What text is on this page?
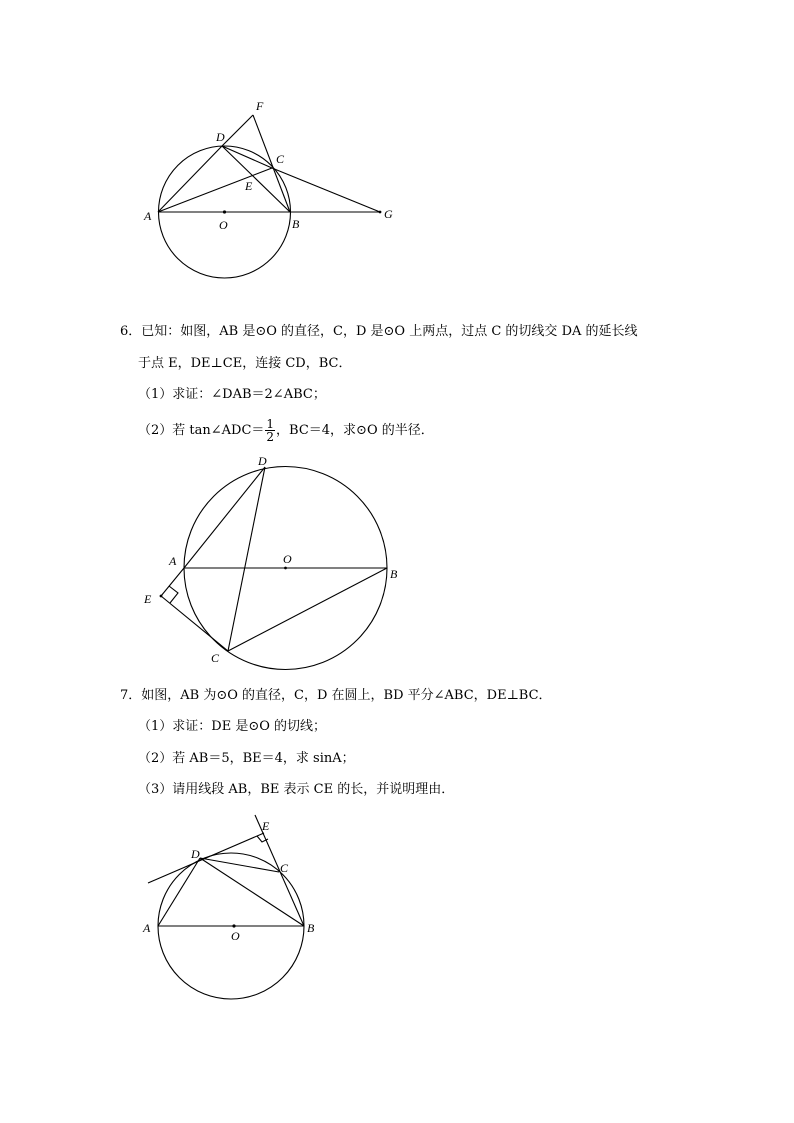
F
D
C
E
A
O	B
G
6．已知：如图，AB 是⊙O 的直径，C，D 是⊙O 上两点，过点 C 的切线交 DA 的延长线
于点 E，DE⊥CE，连接 CD，BC．
（1）求证：∠DAB＝2∠ABC；
（2）若 tan∠ADC＝ $\frac{1}{2}$ ，BC＝4，求⊙O 的半径．
D
O
A
B
E
C
7．如图，AB 为⊙O 的直径，C，D 在圆上，BD 平分∠ABC，DE⊥BC．
（1）求证：DE 是⊙O 的切线；
（2）若 AB＝5，BE＝4，求 sinA；
（3）请用线段 AB，BE 表示 CE 的长，并说明理由．
E
D
C
A
O
B
